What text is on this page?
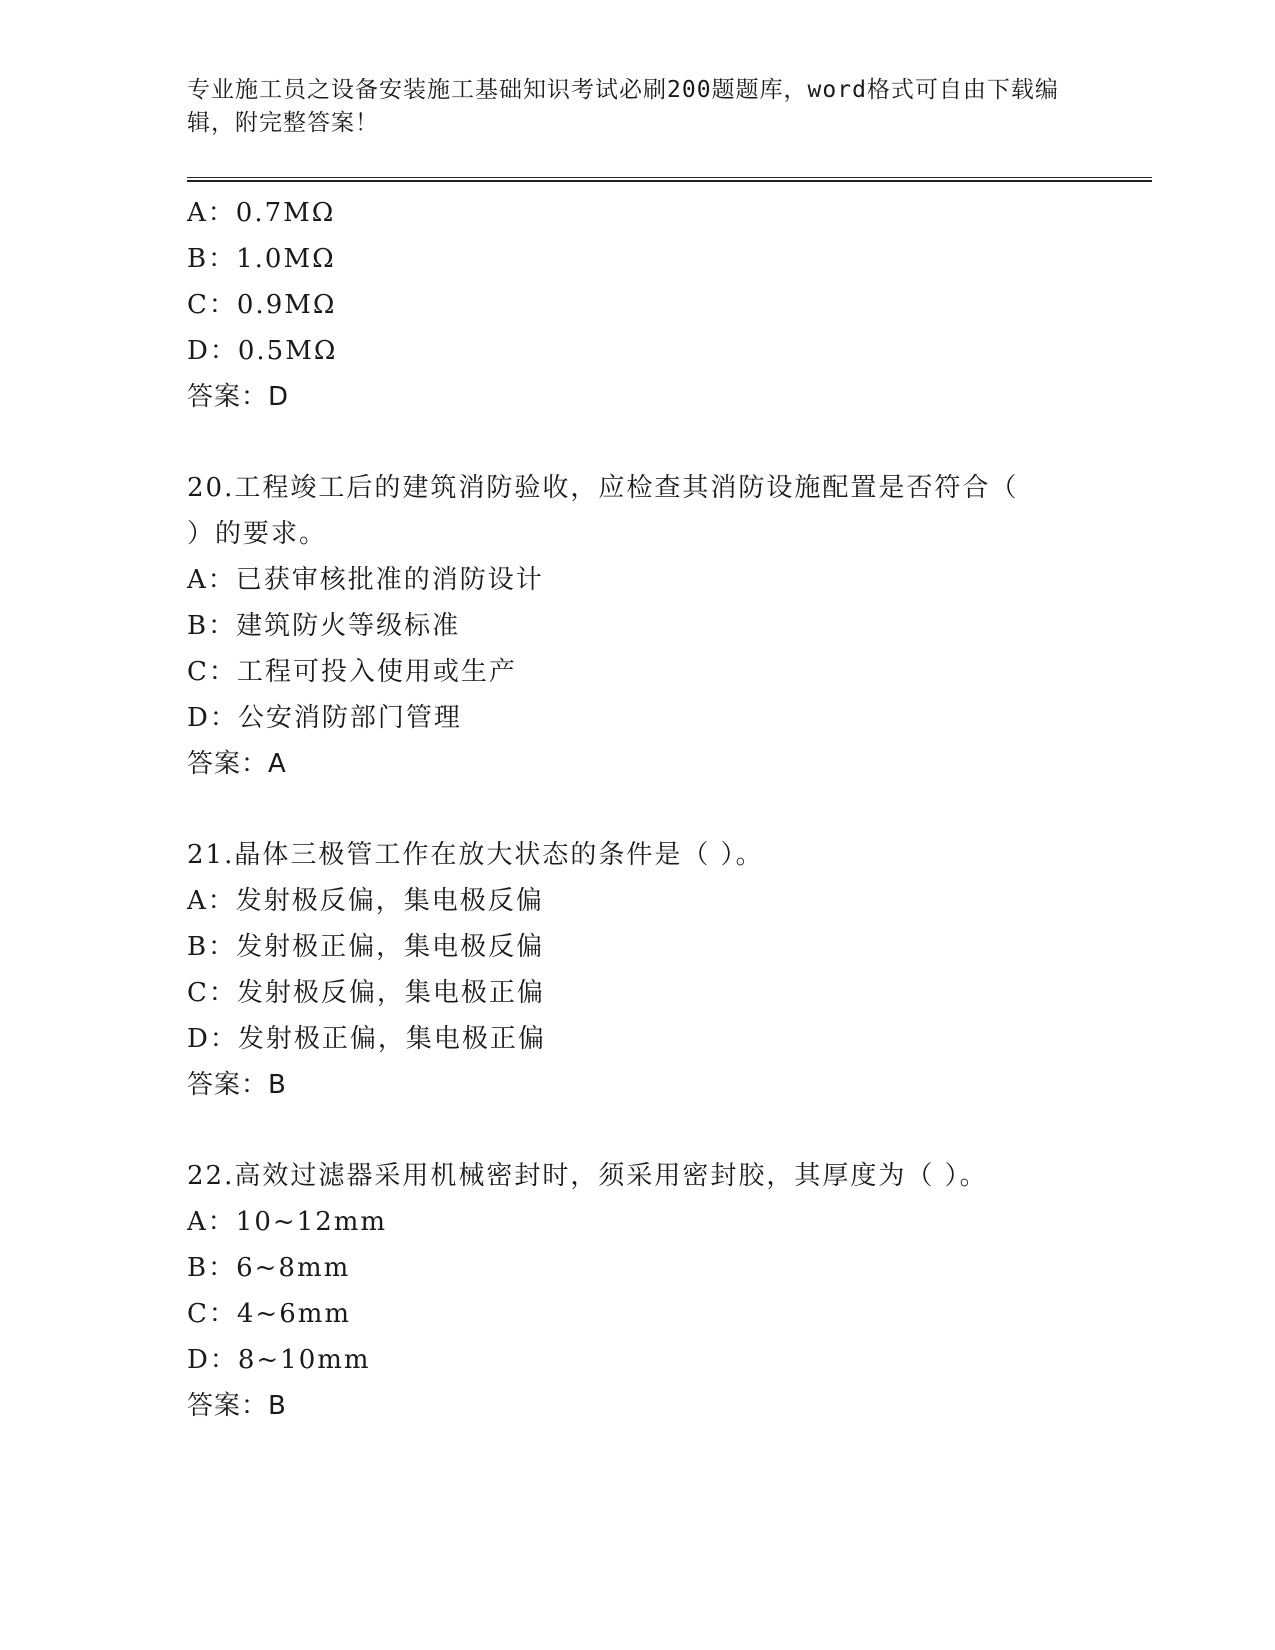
专业施工员之设备安装施工基础知识考试必刷200题题库，word格式可自由下载编辑，附完整答案！
A：0.7MΩ
B：1.0MΩ
C：0.9MΩ
D：0.5MΩ
答案：D
20.工程竣工后的建筑消防验收，应检查其消防设施配置是否符合（
）的要求。
A：已获审核批准的消防设计
B：建筑防火等级标准
C：工程可投入使用或生产
D：公安消防部门管理
答案：A
21.晶体三极管工作在放大状态的条件是（ ）。
A：发射极反偏，集电极反偏
B：发射极正偏，集电极反偏
C：发射极反偏，集电极正偏
D：发射极正偏，集电极正偏
答案：B
22.高效过滤器采用机械密封时，须采用密封胶，其厚度为（ ）。
A：10~12mm
B：6~8mm
C：4~6mm
D：8~10mm
答案：B
